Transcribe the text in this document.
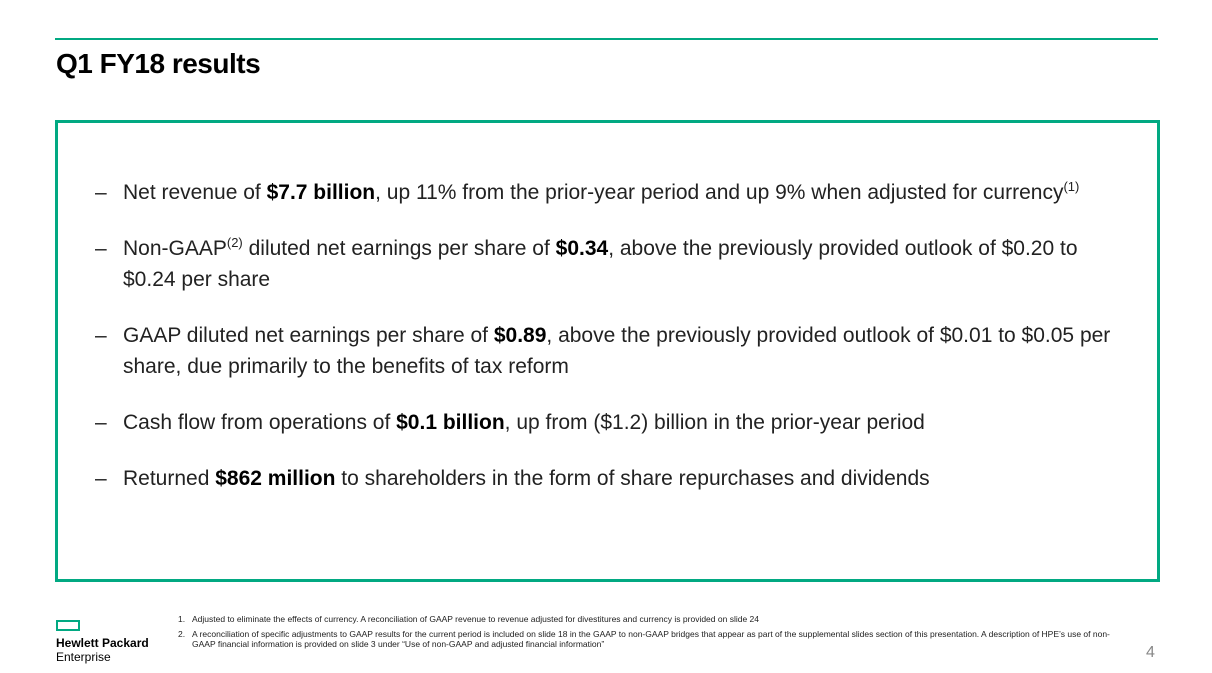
Q1 FY18 results
– Net revenue of $7.7 billion, up 11% from the prior-year period and up 9% when adjusted for currency$^{(1)}$
– Non-GAAP$^{(2)}$ diluted net earnings per share of $0.34, above the previously provided outlook of $0.20 to $0.24 per share
– GAAP diluted net earnings per share of $0.89, above the previously provided outlook of $0.01 to $0.05 per share, due primarily to the benefits of tax reform
– Cash flow from operations of $0.1 billion, up from ($1.2) billion in the prior-year period
– Returned $862 million to shareholders in the form of share repurchases and dividends
Hewlett Packard
Enterprise
1. Adjusted to eliminate the effects of currency. A reconciliation of GAAP revenue to revenue adjusted for divestitures and currency is provided on slide 24
2. A reconciliation of specific adjustments to GAAP results for the current period is included on slide 18 in the GAAP to non-GAAP bridges that appear as part of the supplemental slides section of this presentation. A description of HPE’s use of non-GAAP financial information is provided on slide 3 under “Use of non-GAAP and adjusted financial information”	4
